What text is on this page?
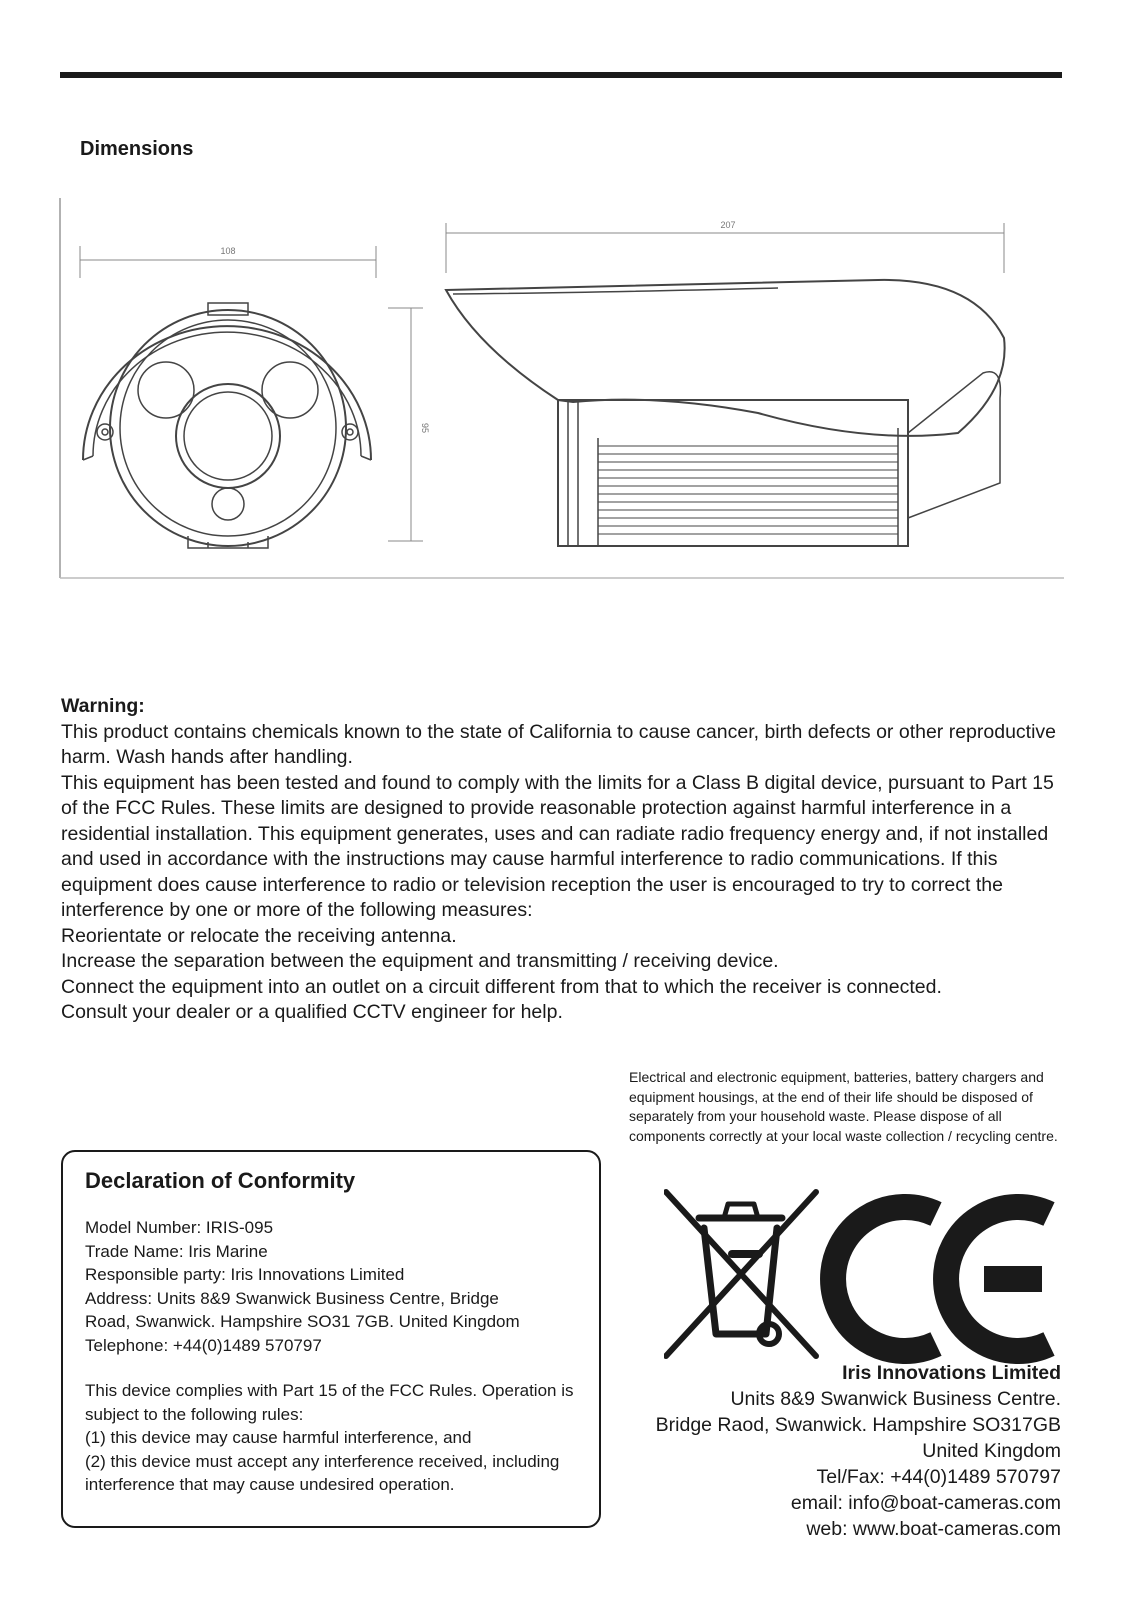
Dimensions
108
95
207
Warning:

This product contains chemicals known to the state of California to cause cancer, birth defects or other reproductive harm. Wash hands after handling.

This equipment has been tested and found to comply with the limits for a Class B digital device, pursuant to Part 15 of the FCC Rules. These limits are designed to provide reasonable protection against harmful interference in a residential installation. This equipment generates, uses and can radiate radio frequency energy and, if not installed and used in accordance with the instructions may cause harmful interference to radio communications. If this equipment does cause interference to radio or television reception the user is encouraged to try to correct the interference by one or more of the following measures:

Reorientate or relocate the receiving antenna.

Increase the separation between the equipment and transmitting / receiving device.

Connect the equipment into an outlet on a circuit different from that to which the receiver is connected.

Consult your dealer or a qualified CCTV engineer for help.

Electrical and electronic equipment, batteries, battery chargers and equipment housings, at the end of their life should be disposed of separately from your household waste. Please dispose of all components correctly at your local waste collection / recycling centre.

Declaration of Conformity
Model Number: IRIS-095
Trade Name: Iris Marine
Responsible party: Iris Innovations Limited
Address: Units 8&9 Swanwick Business Centre, Bridge
Road, Swanwick. Hampshire SO31 7GB. United Kingdom
Telephone: +44(0)1489 570797

This device complies with Part 15 of the FCC Rules. Operation is subject to the following rules:

(1) this device may cause harmful interference, and

(2) this device must accept any interference received, including interference that may cause undesired operation.

Iris Innovations Limited
Units 8&9 Swanwick Business Centre.
Bridge Raod, Swanwick. Hampshire SO317GB
United Kingdom
Tel/Fax: +44(0)1489 570797
email: info@boat-cameras.com
web: www.boat-cameras.com
